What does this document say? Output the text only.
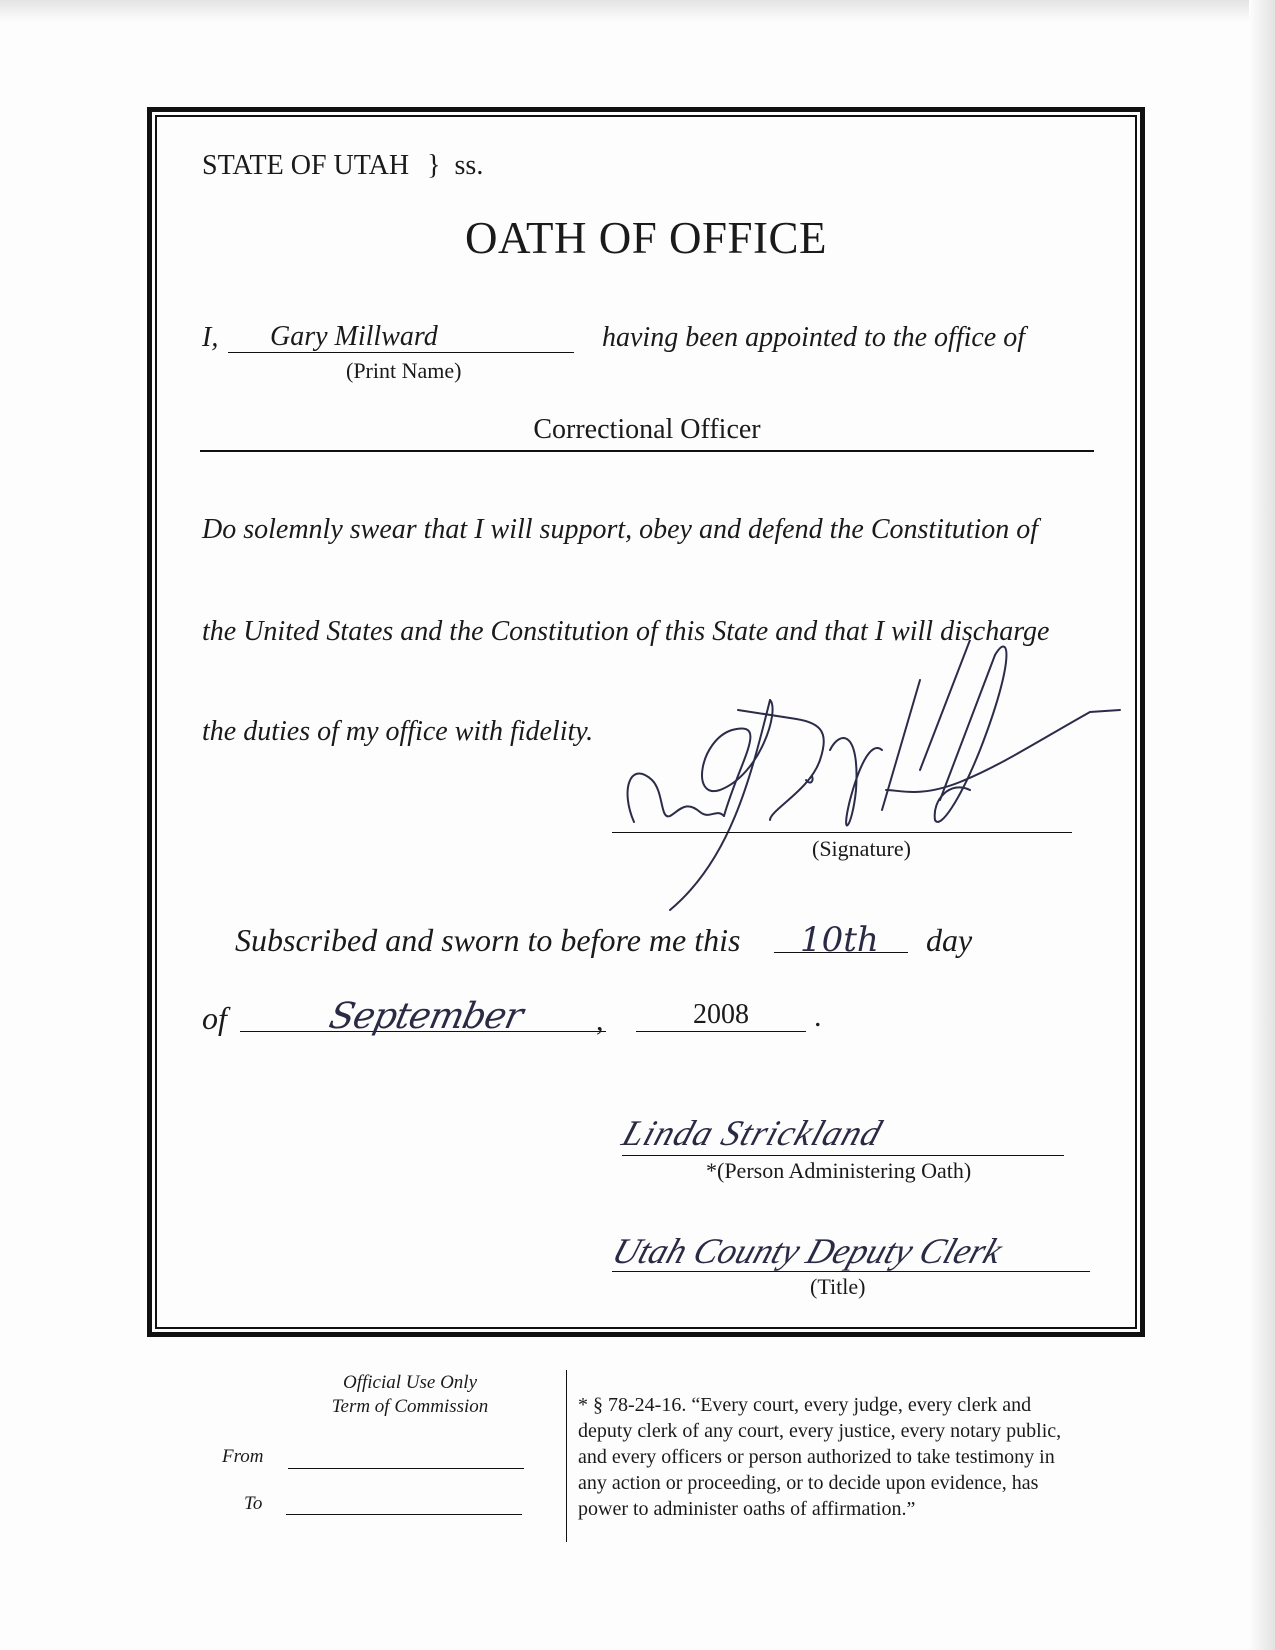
STATE OF UTAH } ss.
OATH OF OFFICE
I, Gary Millward	having been appointed to the office of
(Print Name)
Correctional Officer
Do solemnly swear that I will support, obey and defend the Constitution of
the United States and the Constitution of this State and that I will discharge
the duties of my office with fidelity.
(Signature)
Subscribed and sworn to before me this 10th day
of	September ,	2008	.
Linda Strickland
*(Person Administering Oath)
Utah County Deputy Clerk
(Title)
Official Use Only
Term of Commission
From
To
* § 78-24-16. “Every court, every judge, every clerk and
deputy clerk of any court, every justice, every notary public,
and every officers or person authorized to take testimony in
any action or proceeding, or to decide upon evidence, has
power to administer oaths of affirmation.”
